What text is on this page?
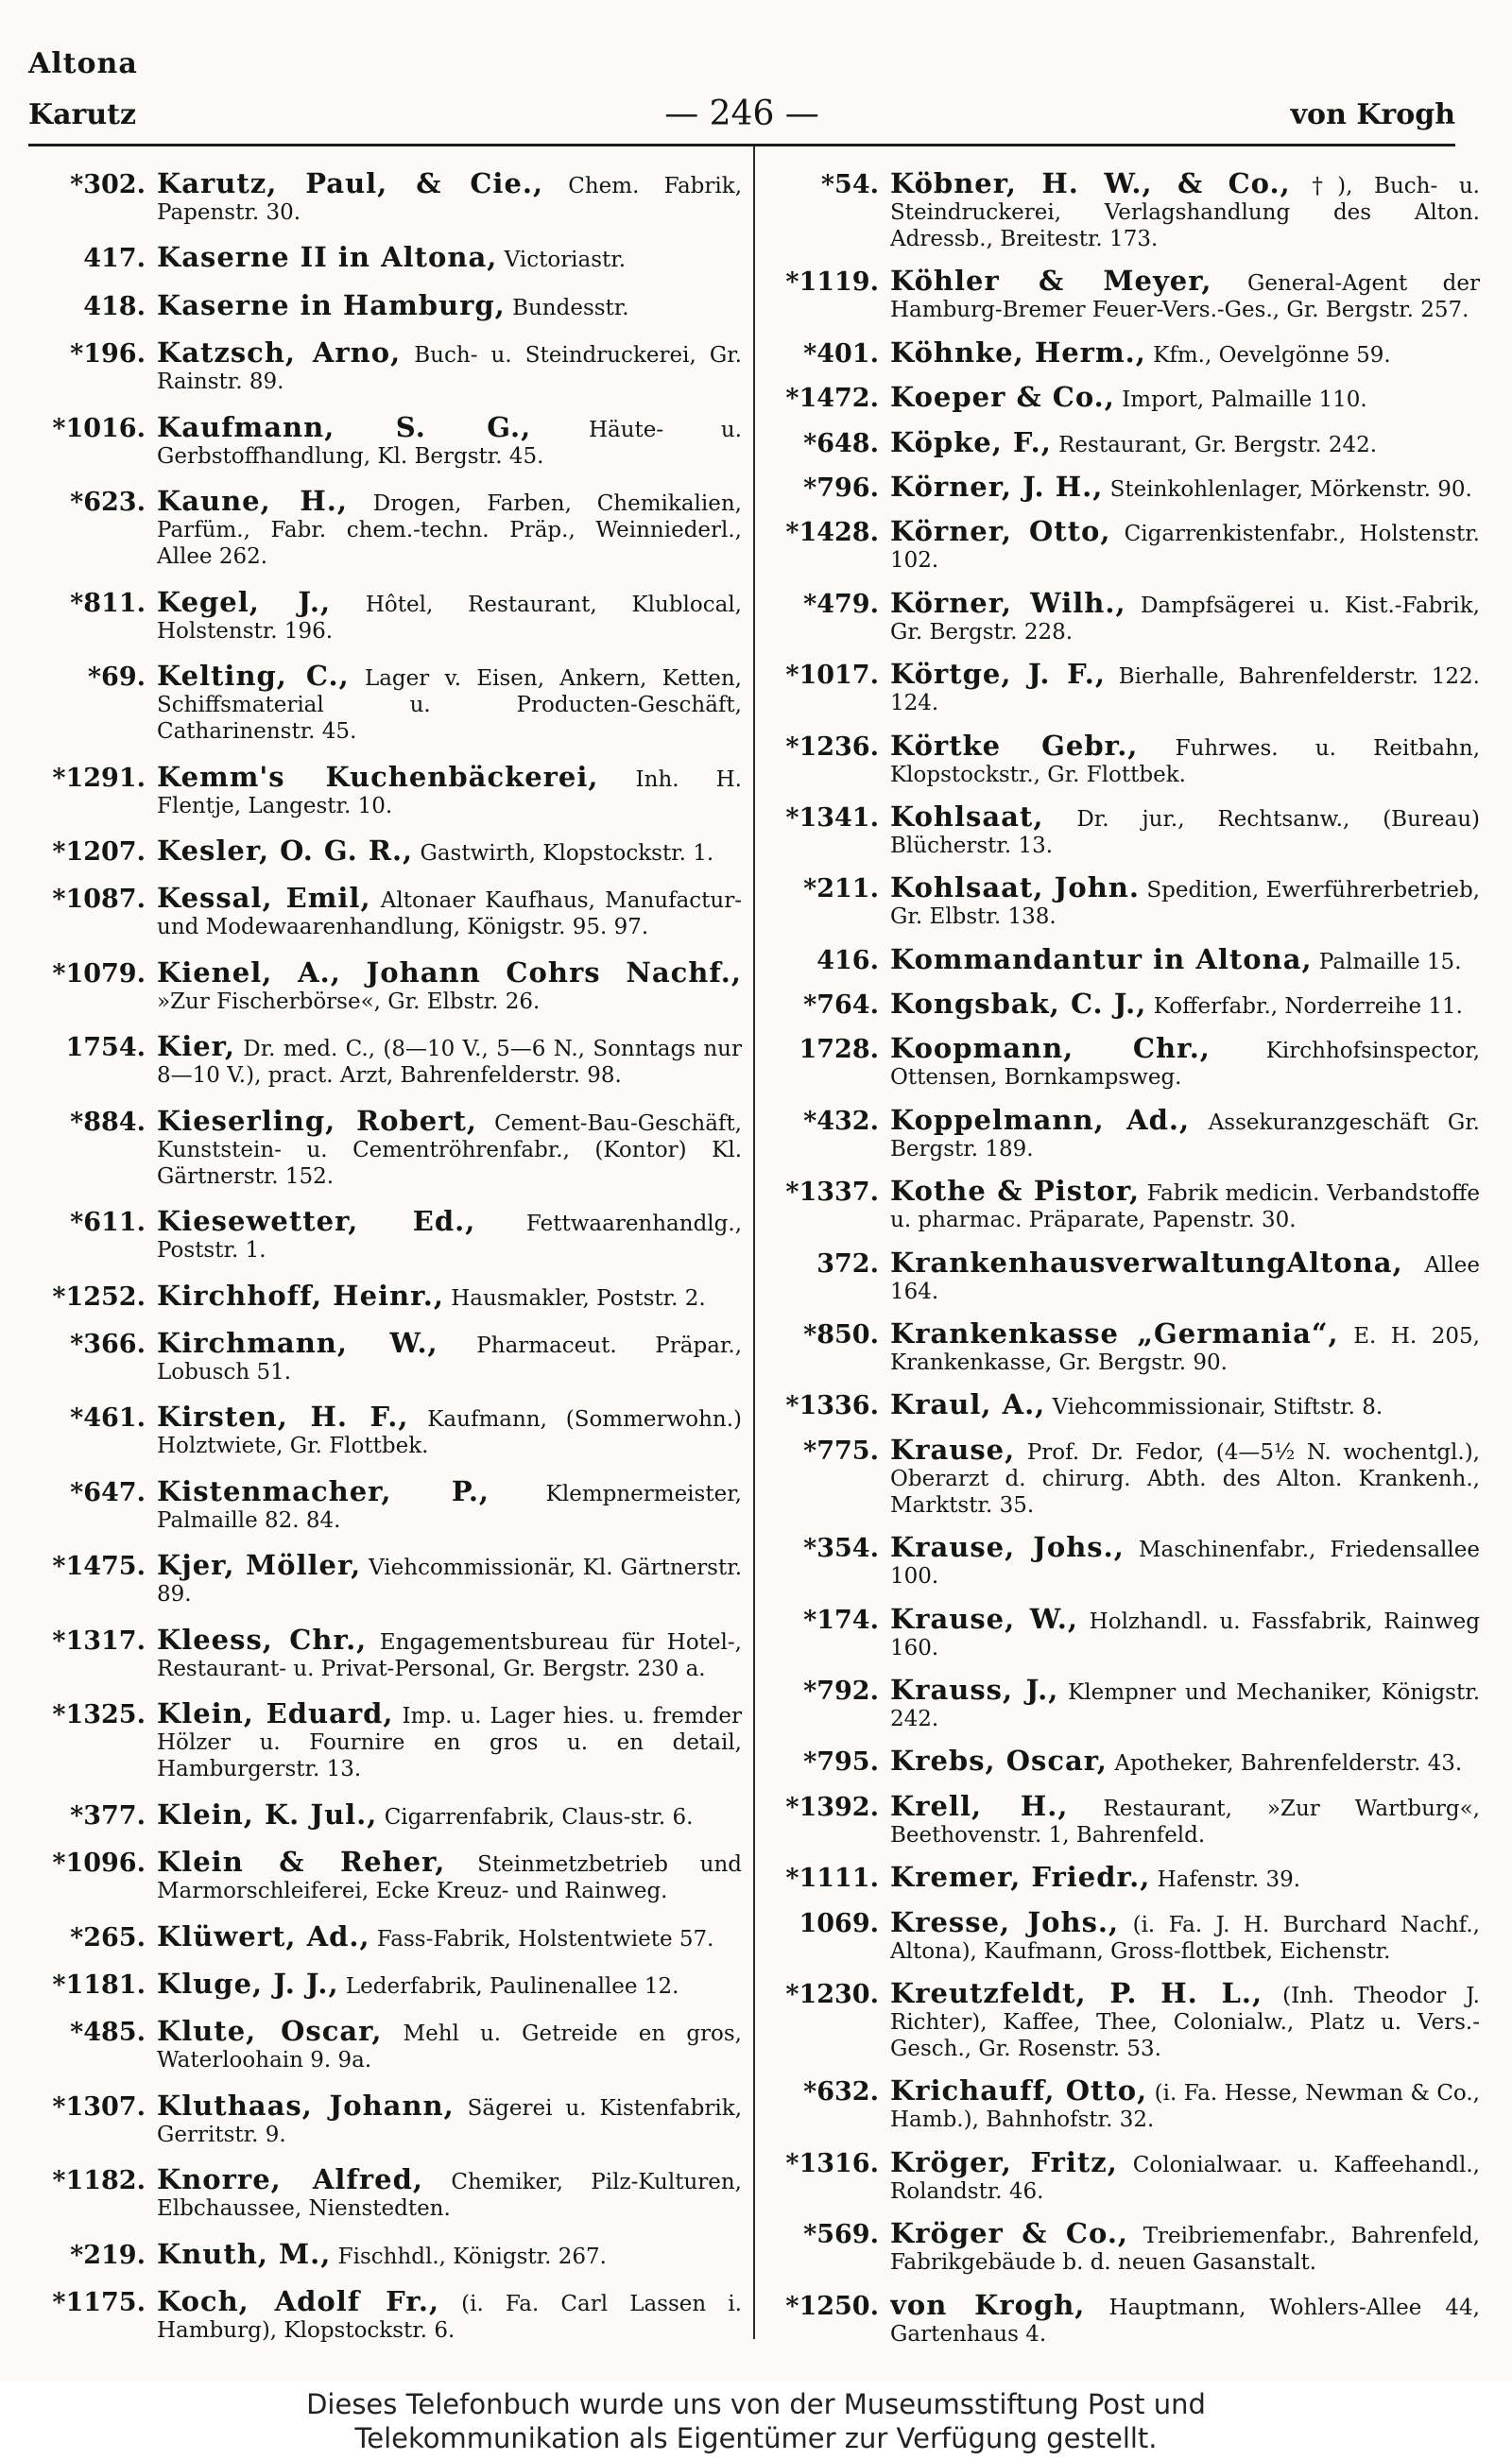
Altona
Karutz	— 246 —	von Krogh
*302. Karutz, Paul, & Cie., Chem. Fabrik, Papenstr. 30.
417. Kaserne II in Altona, Victoriastr.
418. Kaserne in Hamburg, Bundesstr.
*196. Katzsch, Arno, Buch- u. Steindruckerei, Gr. Rainstr. 89.
*1016. Kaufmann, S. G., Häute- u. Gerbstoffhandlung, Kl. Bergstr. 45.
*623. Kaune, H., Drogen, Farben, Chemikalien, Parfüm., Fabr. chem.-techn. Präp., Weinniederl., Allee 262.
*811. Kegel, J., Hôtel, Restaurant, Klublocal, Holstenstr. 196.
*69. Kelting, C., Lager v. Eisen, Ankern, Ketten, Schiffsmaterial u. Producten-Geschäft, Catharinenstr. 45.
*1291. Kemm's Kuchenbäckerei, Inh. H. Flentje, Langestr. 10.
*1207. Kesler, O. G. R., Gastwirth, Klopstockstr. 1.
*1087. Kessal, Emil, Altonaer Kaufhaus, Manufactur- und Modewaarenhandlung, Königstr. 95. 97.
*1079. Kienel, A., Johann Cohrs Nachf., »Zur Fischerbörse«, Gr. Elbstr. 26.
1754. Kier, Dr. med. C., (8—10 V., 5—6 N., Sonntags nur 8—10 V.), pract. Arzt, Bahrenfelderstr. 98.
*884. Kieserling, Robert, Cement-Bau-Geschäft, Kunststein- u. Cementröhrenfabr., (Kontor) Kl. Gärtnerstr. 152.
*611. Kiesewetter, Ed., Fettwaarenhandlg., Poststr. 1.
*1252. Kirchhoff, Heinr., Hausmakler, Poststr. 2.
*366. Kirchmann, W., Pharmaceut. Präpar., Lobusch 51.
*461. Kirsten, H. F., Kaufmann, (Sommerwohn.) Holztwiete, Gr. Flottbek.
*647. Kistenmacher, P., Klempnermeister, Palmaille 82. 84.
*1475. Kjer, Möller, Viehcommissionär, Kl. Gärtnerstr. 89.
*1317. Kleess, Chr., Engagementsbureau für Hotel-, Restaurant- u. Privat-Personal, Gr. Bergstr. 230 a.
*1325. Klein, Eduard, Imp. u. Lager hies. u. fremder Hölzer u. Fournire en gros u. en detail, Hamburgerstr. 13.
*377. Klein, K. Jul., Cigarrenfabrik, Claus-str. 6.
*1096. Klein & Reher, Steinmetzbetrieb und Marmorschleiferei, Ecke Kreuz- und Rainweg.
*265. Klüwert, Ad., Fass-Fabrik, Holstentwiete 57.
*1181. Kluge, J. J., Lederfabrik, Paulinenallee 12.
*485. Klute, Oscar, Mehl u. Getreide en gros, Waterloohain 9. 9a.
*1307. Kluthaas, Johann, Sägerei u. Kistenfabrik, Gerritstr. 9.
*1182. Knorre, Alfred, Chemiker, Pilz-Kulturen, Elbchaussee, Nienstedten.
*219. Knuth, M., Fischhdl., Königstr. 267.
*1175. Koch, Adolf Fr., (i. Fa. Carl Lassen i. Hamburg), Klopstockstr. 6.
*54. Köbner, H. W., & Co., †), Buch- u. Steindruckerei, Verlagshandlung des Alton. Adressb., Breitestr. 173.
*1119. Köhler & Meyer, General-Agent der Hamburg-Bremer Feuer-Vers.-Ges., Gr. Bergstr. 257.
*401. Köhnke, Herm., Kfm., Oevelgönne 59.
*1472. Koeper & Co., Import, Palmaille 110.
*648. Köpke, F., Restaurant, Gr. Bergstr. 242.
*796. Körner, J. H., Steinkohlenlager, Mörkenstr. 90.
*1428. Körner, Otto, Cigarrenkistenfabr., Holstenstr. 102.
*479. Körner, Wilh., Dampfsägerei u. Kist.-Fabrik, Gr. Bergstr. 228.
*1017. Körtge, J. F., Bierhalle, Bahrenfelderstr. 122. 124.
*1236. Körtke Gebr., Fuhrwes. u. Reitbahn, Klopstockstr., Gr. Flottbek.
*1341. Kohlsaat, Dr. jur., Rechtsanw., (Bureau) Blücherstr. 13.
*211. Kohlsaat, John. Spedition, Ewerführerbetrieb, Gr. Elbstr. 138.
416. Kommandantur in Altona, Palmaille 15.
*764. Kongsbak, C. J., Kofferfabr., Norderreihe 11.
1728. Koopmann, Chr., Kirchhofsinspector, Ottensen, Bornkampsweg.
*432. Koppelmann, Ad., Assekuranzgeschäft Gr. Bergstr. 189.
*1337. Kothe & Pistor, Fabrik medicin. Verbandstoffe u. pharmac. Präparate, Papenstr. 30.
372. KrankenhausverwaltungAltona, Allee 164.
*850. Krankenkasse „Germania“, E. H. 205, Krankenkasse, Gr. Bergstr. 90.
*1336. Kraul, A., Viehcommissionair, Stiftstr. 8.
*775. Krause, Prof. Dr. Fedor, (4—5½ N. wochentgl.), Oberarzt d. chirurg. Abth. des Alton. Krankenh., Marktstr. 35.
*354. Krause, Johs., Maschinenfabr., Friedensallee 100.
*174. Krause, W., Holzhandl. u. Fassfabrik, Rainweg 160.
*792. Krauss, J., Klempner und Mechaniker, Königstr. 242.
*795. Krebs, Oscar, Apotheker, Bahrenfelderstr. 43.
*1392. Krell, H., Restaurant, »Zur Wartburg«, Beethovenstr. 1, Bahrenfeld.
*1111. Kremer, Friedr., Hafenstr. 39.
1069. Kresse, Johs., (i. Fa. J. H. Burchard Nachf., Altona), Kaufmann, Gross-flottbek, Eichenstr.
*1230. Kreutzfeldt, P. H. L., (Inh. Theodor J. Richter), Kaffee, Thee, Colonialw., Platz u. Vers.-Gesch., Gr. Rosenstr. 53.
*632. Krichauff, Otto, (i. Fa. Hesse, Newman & Co., Hamb.), Bahnhofstr. 32.
*1316. Kröger, Fritz, Colonialwaar. u. Kaffeehandl., Rolandstr. 46.
*569. Kröger & Co., Treibriemenfabr., Bahrenfeld, Fabrikgebäude b. d. neuen Gasanstalt.
*1250. von Krogh, Hauptmann, Wohlers-Allee 44, Gartenhaus 4.
Dieses Telefonbuch wurde uns von der Museumsstiftung Post und
Telekommunikation als Eigentümer zur Verfügung gestellt.
